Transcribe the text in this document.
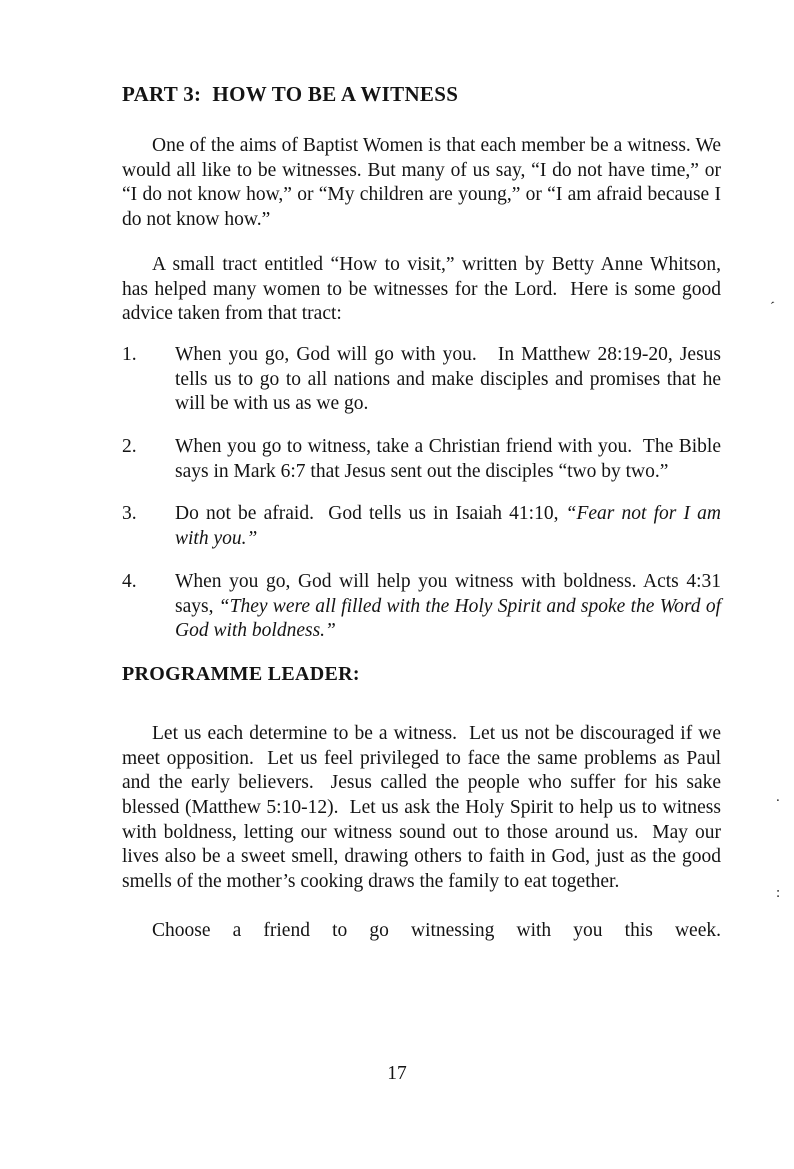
PART 3:  HOW TO BE A WITNESS

One of the aims of Baptist Women is that each member be a witness. We would all like to be witnesses. But many of us say, “I do not have time,” or “I do not know how,” or “My children are young,” or “I am afraid because I do not know how.”

A small tract entitled “How to visit,” written by Betty Anne Whitson, has helped many women to be witnesses for the Lord.  Here is some good advice taken from that tract:

1. When you go, God will go with you.   In Matthew 28:19-20, Jesus tells us to go to all nations and make disciples and promises that he will be with us as we go.
2. When you go to witness, take a Christian friend with you.  The Bible says in Mark 6:7 that Jesus sent out the disciples “two by two.”
3. Do not be afraid.  God tells us in Isaiah 41:10, “Fear not for I am with you.”
4. When you go, God will help you witness with boldness. Acts 4:31 says, “They were all filled with the Holy Spirit and spoke the Word of God with boldness.”
PROGRAMME LEADER:

Let us each determine to be a witness.  Let us not be discouraged if we meet opposition.  Let us feel privileged to face the same problems as Paul and the early believers.  Jesus called the people who suffer for his sake blessed (Matthew 5:10-12).  Let us ask the Holy Spirit to help us to witness with boldness, letting our witness sound out to those around us.  May our lives also be a sweet smell, drawing others to faith in God, just as the good smells of the mother’s cooking draws the family to eat together.

Choose a friend to go witnessing with you this week.

17
´
.
:
